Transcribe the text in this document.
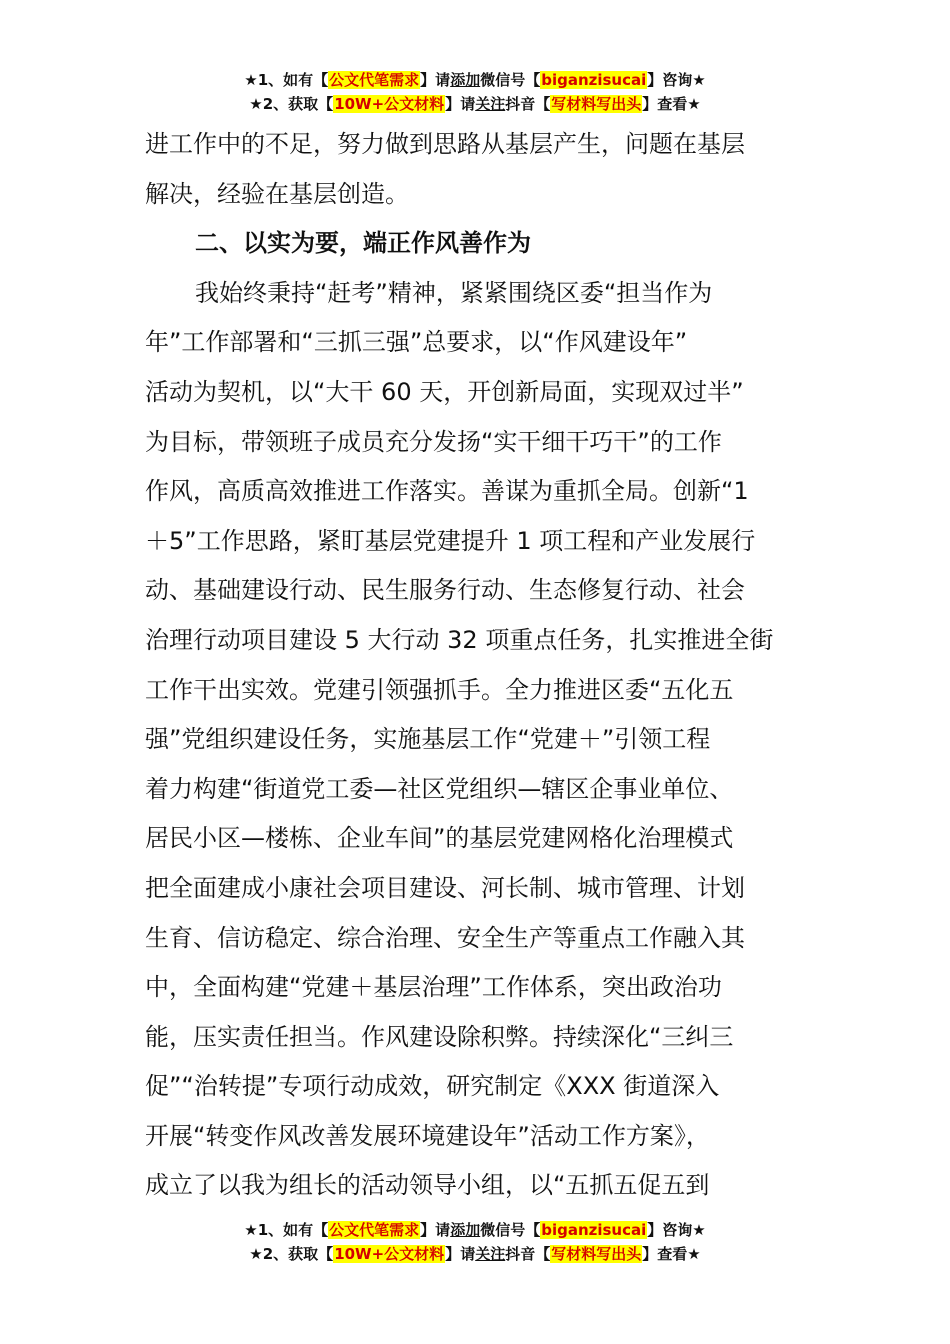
★1、如有【公文代笔需求】请添加微信号【biganzisucai】咨询★
★2、获取【10W+公文材料】请关注抖音【写材料写出头】查看★
进工作中的不足，努力做到思路从基层产生，问题在基层
解决，经验在基层创造。
二、以实为要，端正作风善作为
我始终秉持“赶考”精神，紧紧围绕区委“担当作为
年”工作部署和“三抓三强”总要求，以“作风建设年”
活动为契机，以“大干 60 天，开创新局面，实现双过半”
为目标，带领班子成员充分发扬“实干细干巧干”的工作
作风，高质高效推进工作落实。善谋为重抓全局。创新“1
＋5”工作思路，紧盯基层党建提升 1 项工程和产业发展行
动、基础建设行动、民生服务行动、生态修复行动、社会
治理行动项目建设 5 大行动 32 项重点任务，扎实推进全街
工作干出实效。党建引领强抓手。全力推进区委“五化五
强”党组织建设任务，实施基层工作“党建＋”引领工程
着力构建“街道党工委—社区党组织—辖区企事业单位、
居民小区—楼栋、企业车间”的基层党建网格化治理模式
把全面建成小康社会项目建设、河长制、城市管理、计划
生育、信访稳定、综合治理、安全生产等重点工作融入其
中，全面构建“党建＋基层治理”工作体系，突出政治功
能，压实责任担当。作风建设除积弊。持续深化“三纠三
促”“治转提”专项行动成效，研究制定《XXX 街道深入
开展“转变作风改善发展环境建设年”活动工作方案》，
成立了以我为组长的活动领导小组，以“五抓五促五到
★1、如有【公文代笔需求】请添加微信号【biganzisucai】咨询★
★2、获取【10W+公文材料】请关注抖音【写材料写出头】查看★
